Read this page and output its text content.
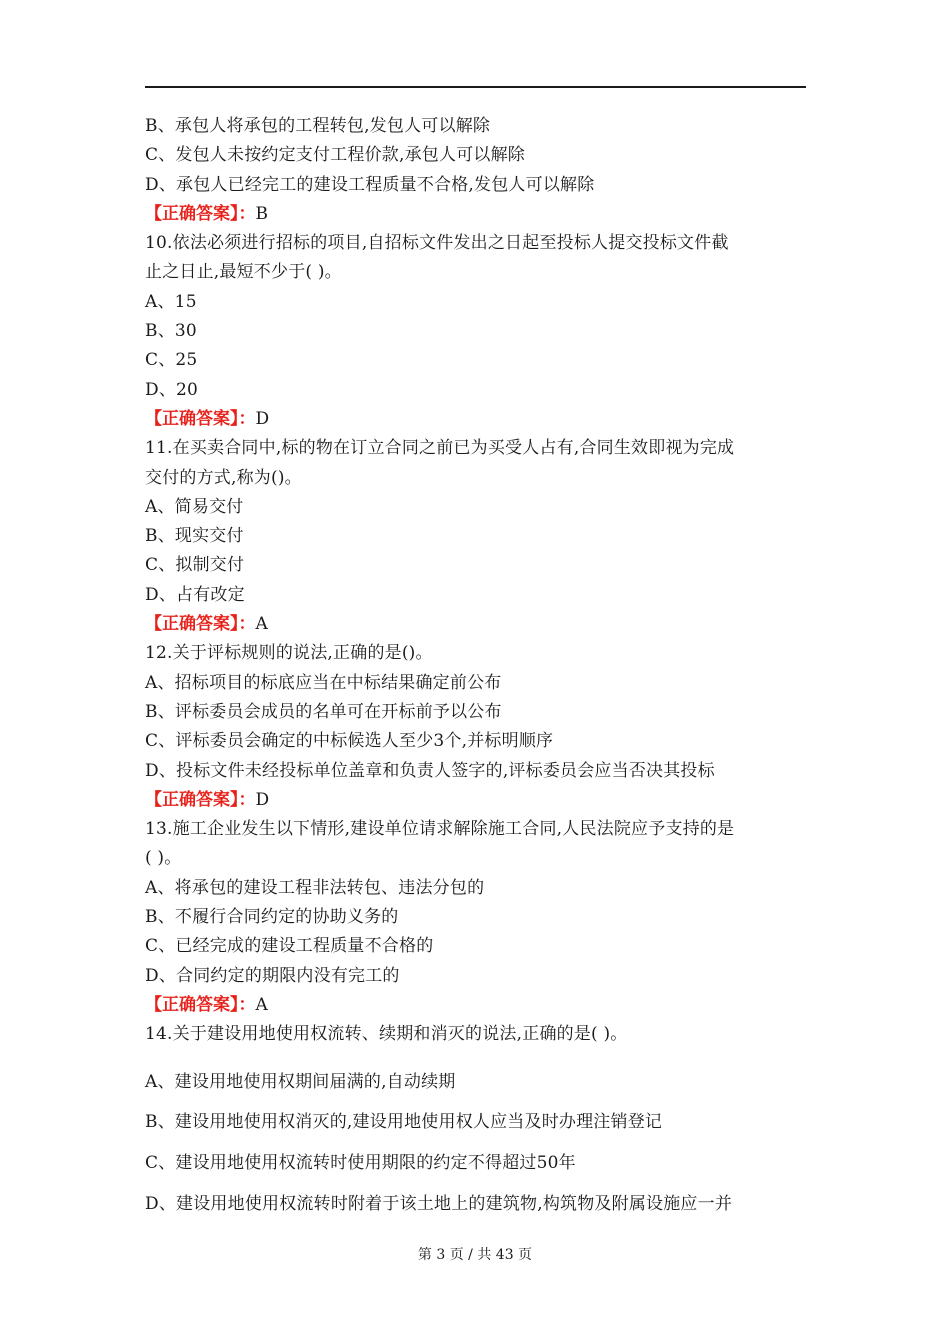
B、承包人将承包的工程转包,发包人可以解除
C、发包人未按约定支付工程价款,承包人可以解除
D、承包人已经完工的建设工程质量不合格,发包人可以解除
【正确答案】：B
10.依法必须进行招标的项目,自招标文件发出之日起至投标人提交投标文件截
止之日止,最短不少于( )。
A、15
B、30
C、25
D、20
【正确答案】：D
11.在买卖合同中,标的物在订立合同之前已为买受人占有,合同生效即视为完成
交付的方式,称为()。
A、简易交付
B、现实交付
C、拟制交付
D、占有改定
【正确答案】：A
12.关于评标规则的说法,正确的是()。
A、招标项目的标底应当在中标结果确定前公布
B、评标委员会成员的名单可在开标前予以公布
C、评标委员会确定的中标候选人至少3个,并标明顺序
D、投标文件未经投标单位盖章和负责人签字的,评标委员会应当否决其投标
【正确答案】：D
13.施工企业发生以下情形,建设单位请求解除施工合同,人民法院应予支持的是
( )。
A、将承包的建设工程非法转包、违法分包的
B、不履行合同约定的协助义务的
C、已经完成的建设工程质量不合格的
D、合同约定的期限内没有完工的
【正确答案】：A
14.关于建设用地使用权流转、续期和消灭的说法,正确的是( )。
A、建设用地使用权期间届满的,自动续期
B、建设用地使用权消灭的,建设用地使用权人应当及时办理注销登记
C、建设用地使用权流转时使用期限的约定不得超过50年
D、建设用地使用权流转时附着于该土地上的建筑物,构筑物及附属设施应一并
第 3 页 / 共 43 页
